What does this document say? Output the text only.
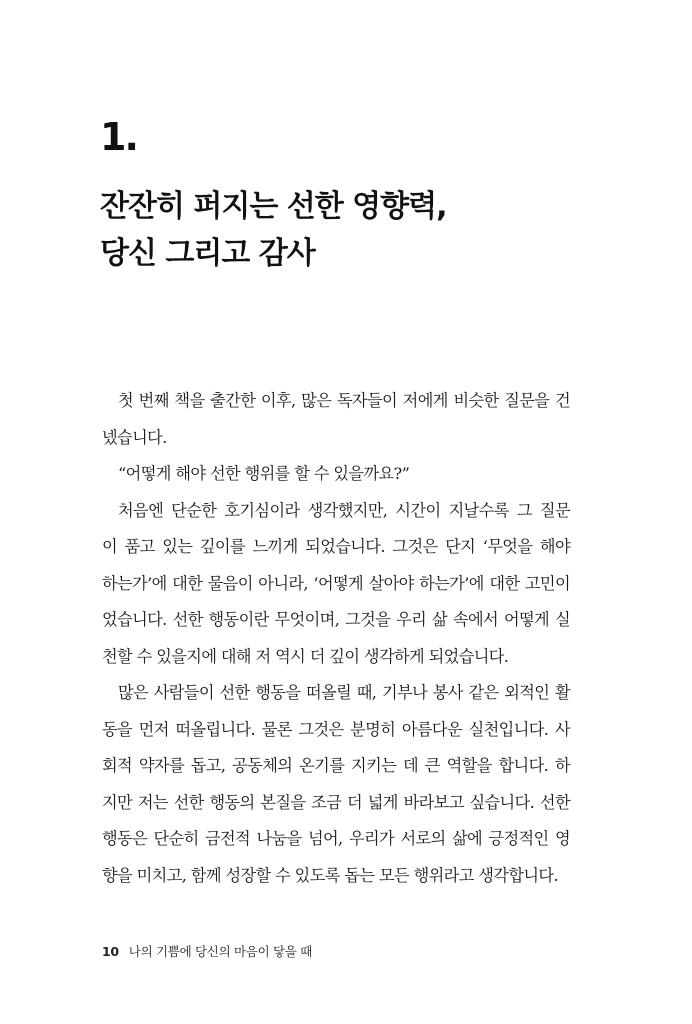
1.
잔잔히 퍼지는 선한 영향력,
당신 그리고 감사
첫 번째 책을 출간한 이후, 많은 독자들이 저에게 비슷한 질문을 건
넸습니다.
“어떻게 해야 선한 행위를 할 수 있을까요?”
처음엔 단순한 호기심이라 생각했지만, 시간이 지날수록 그 질문
이 품고 있는 깊이를 느끼게 되었습니다. 그것은 단지 ‘무엇을 해야
하는가’에 대한 물음이 아니라, ‘어떻게 살아야 하는가’에 대한 고민이
었습니다. 선한 행동이란 무엇이며, 그것을 우리 삶 속에서 어떻게 실
천할 수 있을지에 대해 저 역시 더 깊이 생각하게 되었습니다.
많은 사람들이 선한 행동을 떠올릴 때, 기부나 봉사 같은 외적인 활
동을 먼저 떠올립니다. 물론 그것은 분명히 아름다운 실천입니다. 사
회적 약자를 돕고, 공동체의 온기를 지키는 데 큰 역할을 합니다. 하
지만 저는 선한 행동의 본질을 조금 더 넓게 바라보고 싶습니다. 선한
행동은 단순히 금전적 나눔을 넘어, 우리가 서로의 삶에 긍정적인 영
향을 미치고, 함께 성장할 수 있도록 돕는 모든 행위라고 생각합니다.
10 나의 기쁨에 당신의 마음이 닿을 때
